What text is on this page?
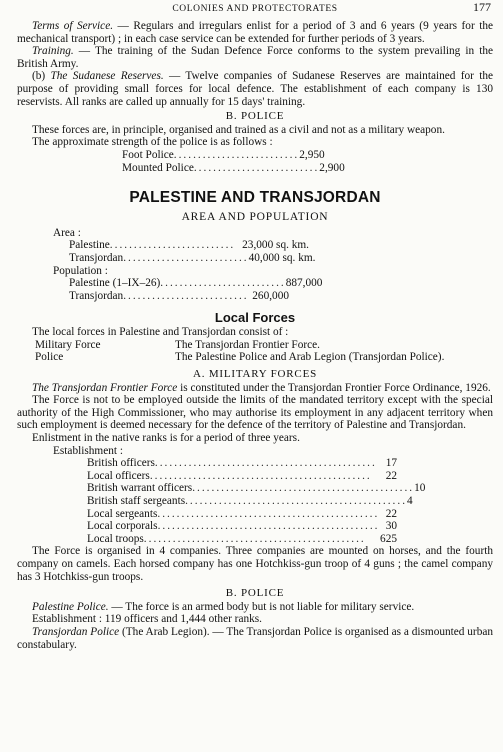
COLONIES AND PROTECTORATES	177

Terms of Service. — Regulars and irregulars enlist for a period of 3 and 6 years (9 years for the mechanical transport) ; in each case service can be extended for further periods of 3 years.

Training. — The training of the Sudan Defence Force conforms to the system prevailing in the British Army.

(b) The Sudanese Reserves. — Twelve companies of Sudanese Reserves are maintained for the purpose of providing small forces for local defence. The establishment of each company is 130 reservists. All ranks are called up annually for 15 days' training.

B. POLICE

These forces are, in principle, organised and trained as a civil and not as a military weapon.

The approximate strength of the police is as follows :

Foot Police .......................... 2,950
Mounted Police .......................... 2,900
PALESTINE AND TRANSJORDAN
AREA AND POPULATION
Area :
Palestine .......................... 23,000 sq. km.
Transjordan .......................... 40,000 sq. km.
Population :
Palestine (1–IX–26) .......................... 887,000
Transjordan .......................... 260,000
Local Forces

The local forces in Palestine and Transjordan consist of :

Military Force	The Transjordan Frontier Force.
Police	The Palestine Police and Arab Legion (Transjordan Police).
A. MILITARY FORCES

The Transjordan Frontier Force is constituted under the Transjordan Frontier Force Ordinance, 1926.

The Force is not to be employed outside the limits of the mandated territory except with the special authority of the High Commissioner, who may authorise its employment in any adjacent territory when such employment is deemed necessary for the defence of the territory of Palestine and Transjordan.

Enlistment in the native ranks is for a period of three years.

Establishment :
British officers .............................................. 17
Local officers ..............................................	22
British warrant officers .............................................. 10
British staff sergeants .............................................. 4
Local sergeants .............................................. 22
Local corporals .............................................. 30
Local troops ..............................................	625

The Force is organised in 4 companies. Three companies are mounted on horses, and the fourth company on camels. Each horsed company has one Hotchkiss-gun troop of 4 guns ; the camel company has 3 Hotchkiss-gun troops.

B. POLICE

Palestine Police. — The force is an armed body but is not liable for military service.

Establishment : 119 officers and 1,444 other ranks.

Transjordan Police (The Arab Legion). — The Transjordan Police is organised as a dismounted urban constabulary.
